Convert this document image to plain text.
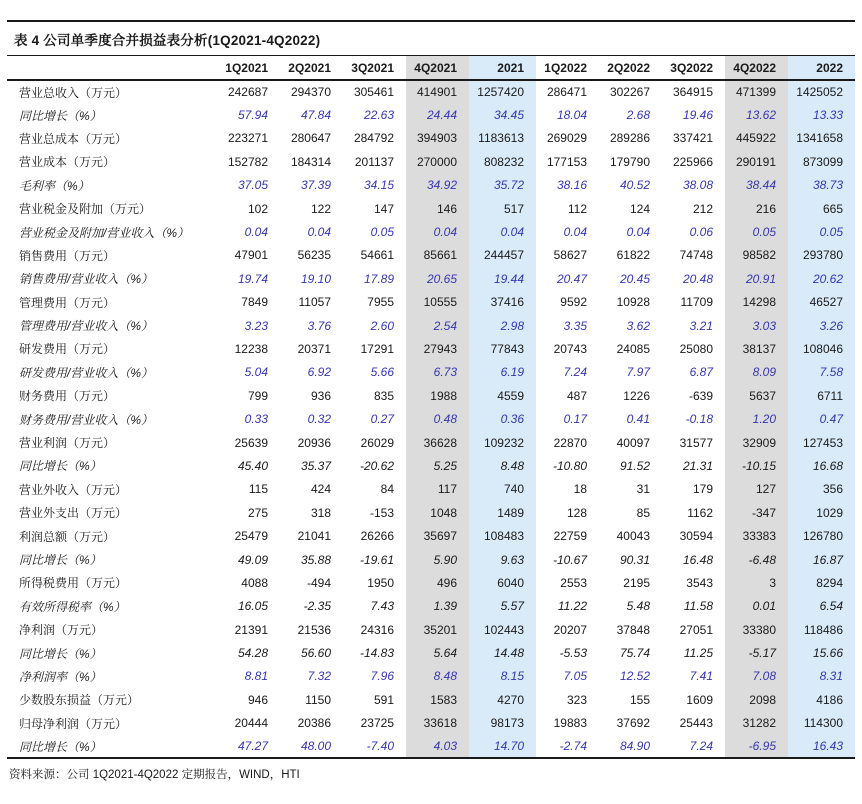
表 4 公司单季度合并损益表分析(1Q2021-4Q2022)
	1Q2021	2Q2021	3Q2021	4Q2021	2021	1Q2022	2Q2022	3Q2022	4Q2022	2022
营业总收入（万元）	242687	294370	305461	414901	1257420	286471	302267	364915	471399	1425052
同比增长（%）	57.94	47.84	22.63	24.44	34.45	18.04	2.68	19.46	13.62	13.33
营业总成本（万元）	223271	280647	284792	394903	1183613	269029	289286	337421	445922	1341658
营业成本（万元）	152782	184314	201137	270000	808232	177153	179790	225966	290191	873099
毛利率（%）	37.05	37.39	34.15	34.92	35.72	38.16	40.52	38.08	38.44	38.73
营业税金及附加（万元）	102	122	147	146	517	112	124	212	216	665
营业税金及附加/营业收入（%）	0.04	0.04	0.05	0.04	0.04	0.04	0.04	0.06	0.05	0.05
销售费用（万元）	47901	56235	54661	85661	244457	58627	61822	74748	98582	293780
销售费用/营业收入（%）	19.74	19.10	17.89	20.65	19.44	20.47	20.45	20.48	20.91	20.62
管理费用（万元）	7849	11057	7955	10555	37416	9592	10928	11709	14298	46527
管理费用/营业收入（%）	3.23	3.76	2.60	2.54	2.98	3.35	3.62	3.21	3.03	3.26
研发费用（万元）	12238	20371	17291	27943	77843	20743	24085	25080	38137	108046
研发费用/营业收入（%）	5.04	6.92	5.66	6.73	6.19	7.24	7.97	6.87	8.09	7.58
财务费用（万元）	799	936	835	1988	4559	487	1226	-639	5637	6711
财务费用/营业收入（%）	0.33	0.32	0.27	0.48	0.36	0.17	0.41	-0.18	1.20	0.47
营业利润（万元）	25639	20936	26029	36628	109232	22870	40097	31577	32909	127453
同比增长（%）	45.40	35.37	-20.62	5.25	8.48	-10.80	91.52	21.31	-10.15	16.68
营业外收入（万元）	115	424	84	117	740	18	31	179	127	356
营业外支出（万元）	275	318	-153	1048	1489	128	85	1162	-347	1029
利润总额（万元）	25479	21041	26266	35697	108483	22759	40043	30594	33383	126780
同比增长（%）	49.09	35.88	-19.61	5.90	9.63	-10.67	90.31	16.48	-6.48	16.87
所得税费用（万元）	4088	-494	1950	496	6040	2553	2195	3543	3	8294
有效所得税率（%）	16.05	-2.35	7.43	1.39	5.57	11.22	5.48	11.58	0.01	6.54
净利润（万元）	21391	21536	24316	35201	102443	20207	37848	27051	33380	118486
同比增长（%）	54.28	56.60	-14.83	5.64	14.48	-5.53	75.74	11.25	-5.17	15.66
净利润率（%）	8.81	7.32	7.96	8.48	8.15	7.05	12.52	7.41	7.08	8.31
少数股东损益（万元）	946	1150	591	1583	4270	323	155	1609	2098	4186
归母净利润（万元）	20444	20386	23725	33618	98173	19883	37692	25443	31282	114300
同比增长（%）	47.27	48.00	-7.40	4.03	14.70	-2.74	84.90	7.24	-6.95	16.43
资料来源：公司 1Q2021-4Q2022 定期报告，WIND，HTI
